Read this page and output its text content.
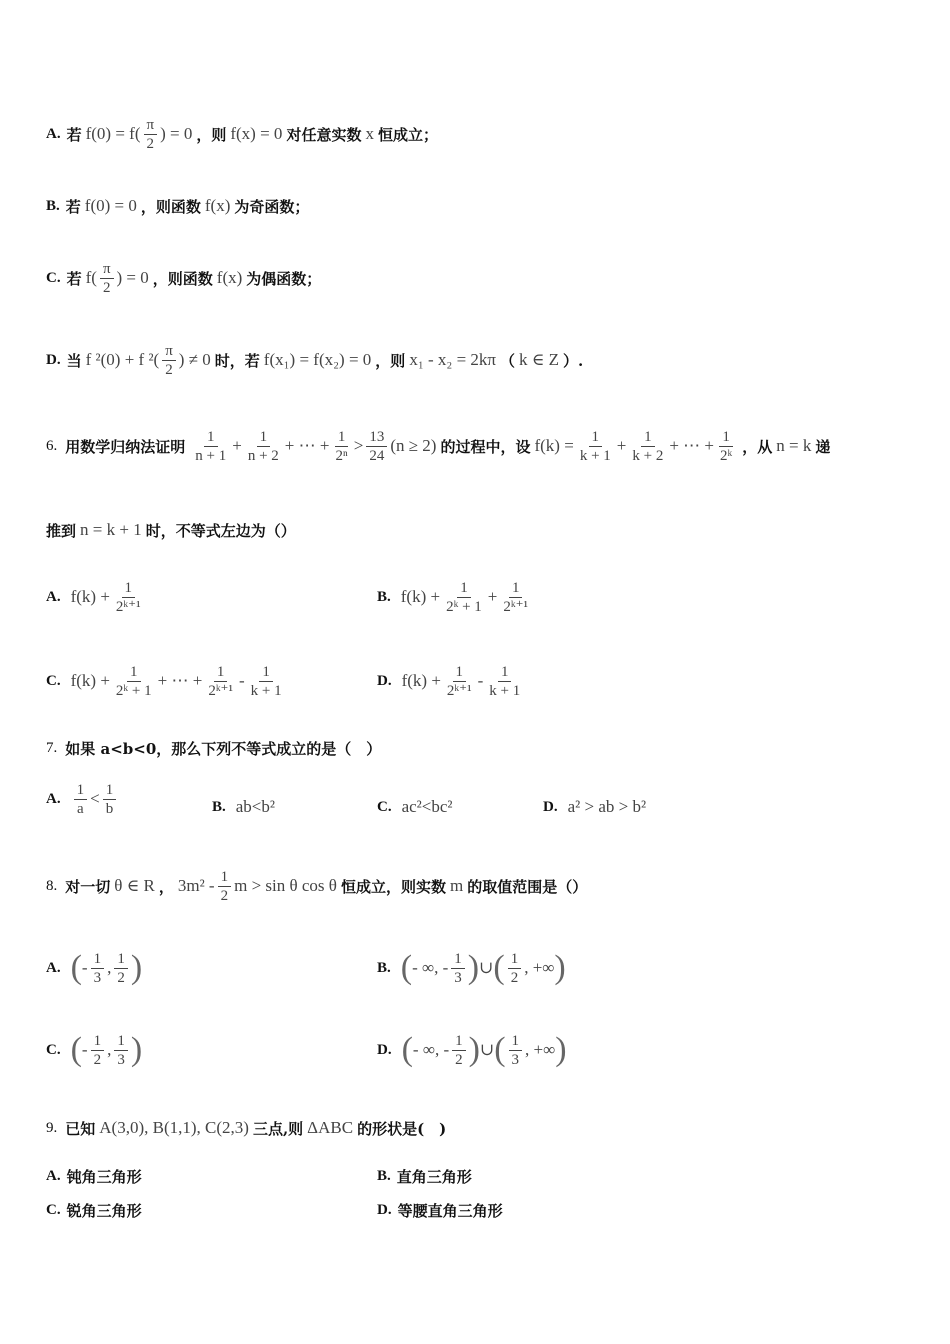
A. 若 $f(0) = f( \frac{\pi}{2}$ ) = 0 ，则 f(x) = 0 对任意实数 x 恒成立；
B. 若 f(0) = 0 ，则函数 f(x) 为奇函数；
C. 若 $f( \frac{\pi}{2}$ ) = 0 ，则函数 f(x) 为偶函数；
D. 当 f ²(0) + f $^2( \frac{\pi}{2}$ ) ≠ 0 时，若 f(x₁) = f(x₂) = 0 ，则 x₁ - x₂ = 2kπ （ k ∈ Z ）.
6. 用数学归纳法证明 $\frac{1}{n + 1} + \frac{1}{n + 2}$ + ⋯ + $\frac{1}{\text{2ⁿ}} > \frac{13}{24} (n \ge 2)$ 的过程中，设 $f(k) = \frac{1}{k + 1} + \frac{1}{k + 2}$ + ⋯ + $\frac{1}{\text{2ᵏ}}$ ，从 n = k 递
推到 n = k + 1 时，不等式左边为（）
A. $f(k) + \frac{1}{\text{2ᵏ⁺¹}}$	B. $f(k) + \frac{1}{\text{2ᵏ + 1}} + \frac{1}{\text{2ᵏ⁺¹}}$
C. $f(k) + \frac{1}{\text{2ᵏ + 1}}$ + ⋯ + $\frac{1}{\text{2ᵏ⁺¹}} - \frac{1}{k + 1}$	D. $f(k) + \frac{1}{\text{2ᵏ⁺¹}} - \frac{1}{k + 1}$
7. 如果 a<b<0，那么下列不等式成立的是（　）
A. $\frac{1}{a} < \frac{1}{b}$	B. ab<b²	C. ac²<bc²	D. a² > ab > b²
8. 对一切 θ ∈ R ， $3m^2 - \frac{1}{2}$ m > sin θ cos θ 恒成立，则实数 m 的取值范围是（）
A. ( - $\frac{1}{3}$ , $\frac{1}{2}$ )	B. ( - ∞, - $\frac{1}{3}$ ) ∪ ( $\frac{1}{2}$ , +∞ )
C. ( - $\frac{1}{2}$ , $\frac{1}{3}$ )	D. ( - ∞, - $\frac{1}{2}$ ) ∪ ( $\frac{1}{3}$ , +∞ )
9. 已知 A(3,0), B(1,1), C(2,3) 三点,则 ΔABC 的形状是(　)
A. 钝角三角形	B. 直角三角形
C. 锐角三角形	D. 等腰直角三角形
